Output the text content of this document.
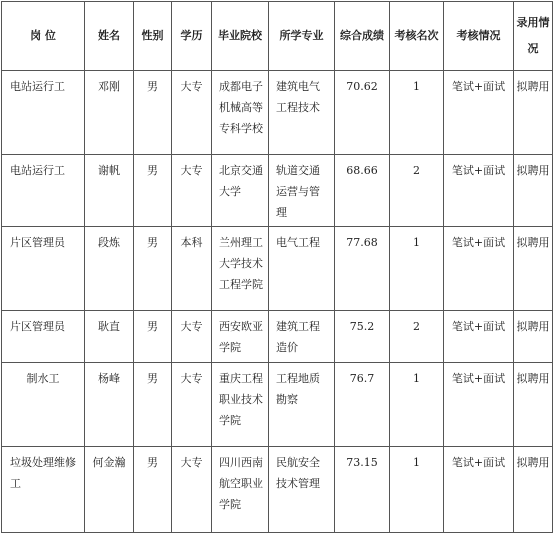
岗 位	姓名	性别	学历	毕业院校	所学专业	综合成绩	考核名次	考核情况	录用情况
电站运行工	邓刚	男	大专	成都电子机械高等专科学校	建筑电气工程技术	70.62	1	笔试+面试	拟聘用
电站运行工	谢帆	男	大专	北京交通大学	轨道交通运营与管理	68.66	2	笔试+面试	拟聘用
片区管理员	段炼	男	本科	兰州理工大学技术工程学院	电气工程	77.68	1	笔试+面试	拟聘用
片区管理员	耿直	男	大专	西安欧亚学院	建筑工程造价	75.2	2	笔试+面试	拟聘用
制水工	杨峰	男	大专	重庆工程职业技术学院	工程地质勘察	76.7	1	笔试+面试	拟聘用
垃圾处理维修工	何金瀚	男	大专	四川西南航空职业学院	民航安全技术管理	73.15	1	笔试+面试	拟聘用
